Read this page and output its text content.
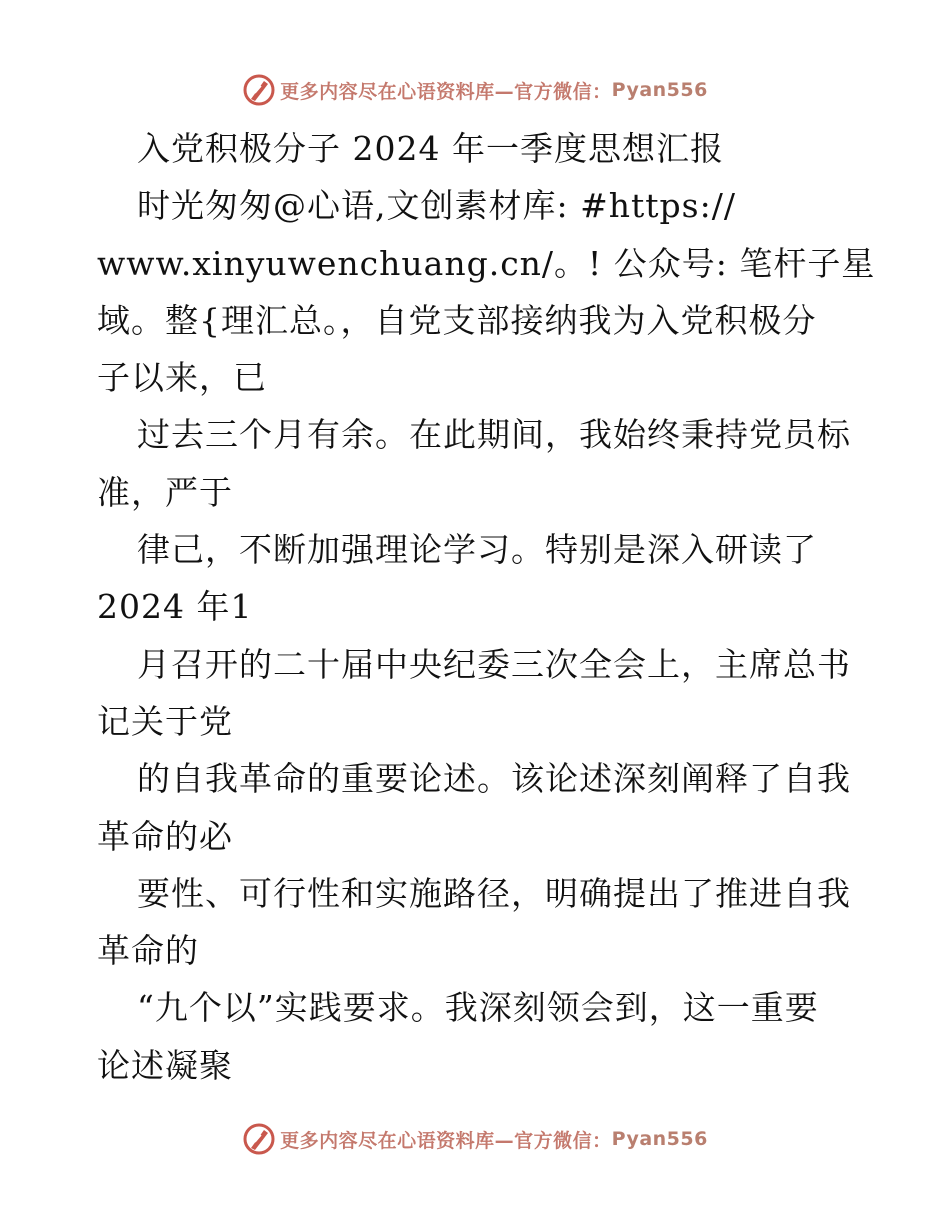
更多内容尽在心语资料库—官方微信： Pyan556
入党积极分子 2024 年一季度思想汇报
时光匆匆@心语,文创素材库: #https://
www.xinyuwenchuang.cn/。! 公众号: 笔杆子星
域。整{理汇总。，自党支部接纳我为入党积极分
子以来，已
过去三个月有余。在此期间，我始终秉持党员标
准，严于
律己，不断加强理论学习。特别是深入研读了
2024 年1
月召开的二十届中央纪委三次全会上，主席总书
记关于党
的自我革命的重要论述。该论述深刻阐释了自我
革命的必
要性、可行性和实施路径，明确提出了推进自我
革命的
“九个以”实践要求。我深刻领会到，这一重要
论述凝聚
更多内容尽在心语资料库—官方微信： Pyan556
